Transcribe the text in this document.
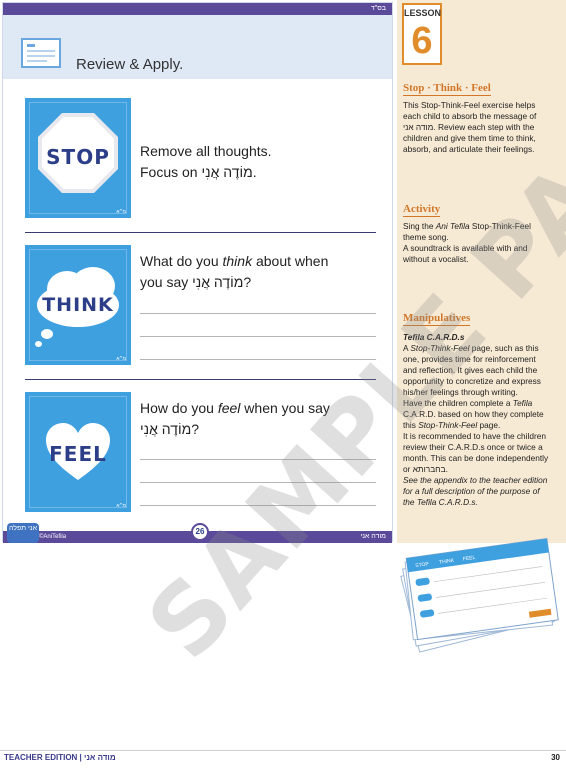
בס"ד
Review & Apply.
STOP
מ״א
Remove all thoughts.
Focus on מוֹדֶה אֲנִי.
THINK
מ״א
What do you think about when
you say מוֹדֶה אֲנִי?
FEEL
מ״א
How do you feel when you say
מוֹדֶה אֲנִי?
©AniTefila	מודה אני
אני תפלה	26
LESSON
6
Stop · Think · Feel
This Stop-Think-Feel exercise helps each child to absorb the message of מודה אני. Review each step with the children and give them time to think, absorb, and articulate their feelings.
Activity

Sing the Ani Tefila Stop-Think-Feel theme song.

A soundtrack is available with and without a vocalist.

Manipulatives

Tefila C.A.R.D.s

A Stop-Think-Feel page, such as this one, provides time for reinforcement and reflection. It gives each child the opportunity to concretize and express his/her feelings through writing.

Have the children complete a Tefila C.A.R.D. based on how they complete this Stop-Think-Feel page.

It is recommended to have the children review their C.A.R.D.s once or twice a month. This can be done independently or בחברותא.

See the appendix to the teacher edition for a full description of the purpose of the Tefila C.A.R.D.s.

STOP THINK FEEL
SAMPLE
TEACHER EDITION | מודה אני	30
